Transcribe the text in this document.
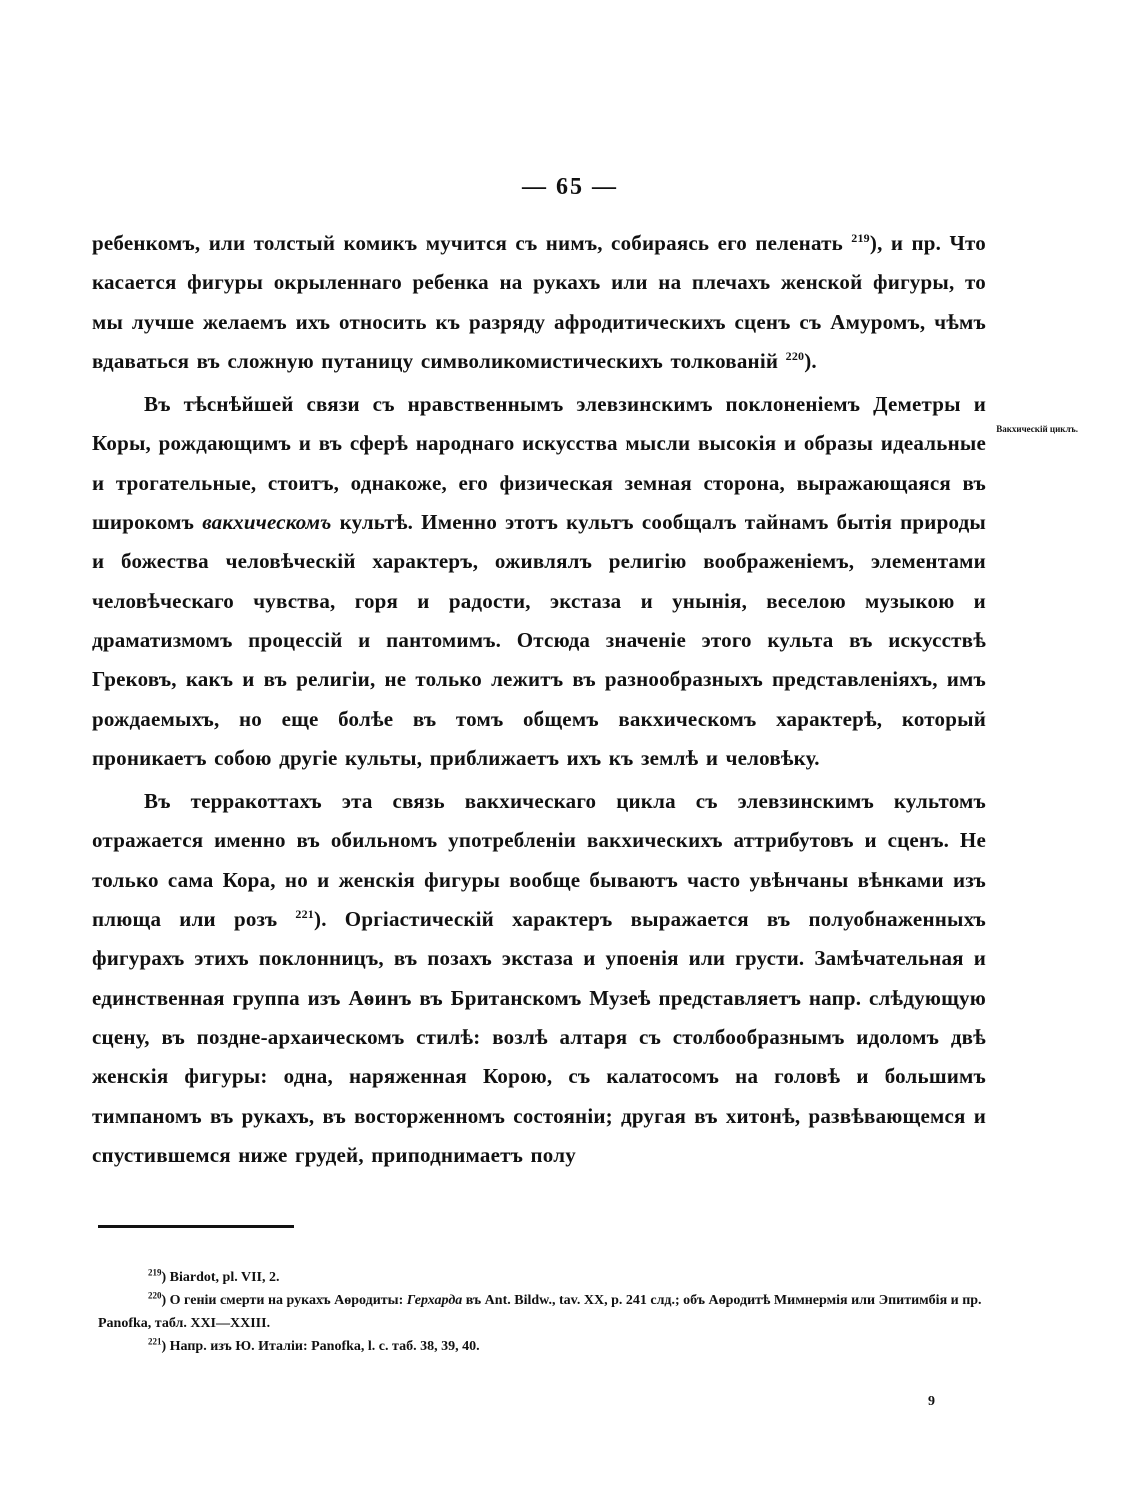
— 65 —

ребенкомъ, или толстый комикъ мучится съ нимъ, собираясь его пеленать $^{219}$), и пр. Что касается фигуры окрыленнаго ребенка на рукахъ или на плечахъ женской фигуры, то мы лучше желаемъ ихъ относить къ разряду афродитическихъ сценъ съ Амуромъ, чѣмъ вдаваться въ сложную путаницу символикомистическихъ толкованій $^{220}$).

Въ тѣснѣйшей связи съ нравственнымъ элевзинскимъ поклоненіемъ Деметры и Коры, рождающимъ и въ сферѣ народнаго искусства мысли высокія и образы идеальные и трогательные, стоитъ, однакоже, его физическая земная сторона, выражающаяся въ широкомъ вакхическомъ культѣ. Именно этотъ культъ сообщалъ тайнамъ бытія природы и божества человѣческій характеръ, оживлялъ религію воображеніемъ, элементами человѣческаго чувства, горя и радости, экстаза и унынія, веселою музыкою и драматизмомъ процессій и пантомимъ. Отсюда значеніе этого культа въ искусствѣ Грековъ, какъ и въ религіи, не только лежитъ въ разнообразныхъ представленіяхъ, имъ рождаемыхъ, но еще болѣе въ томъ общемъ вакхическомъ характерѣ, который проникаетъ собою другіе культы, приближаетъ ихъ къ землѣ и человѣку.

Въ терракоттахъ эта связь вакхическаго цикла съ элевзинскимъ культомъ отражается именно въ обильномъ употребленіи вакхическихъ аттрибутовъ и сценъ. Не только сама Кора, но и женскія фигуры вообще бываютъ часто увѣнчаны вѣнками изъ плюща или розъ $^{221}$). Оргіастическій характеръ выражается въ полуобнаженныхъ фигурахъ этихъ поклонницъ, въ позахъ экстаза и упоенія или грусти. Замѣчательная и единственная группа изъ Аѳинъ въ Британскомъ Музеѣ представляетъ напр. слѣдующую сцену, въ поздне-архаическомъ стилѣ: возлѣ алтаря съ столбообразнымъ идоломъ двѣ женскія фигуры: одна, наряженная Корою, съ калатосомъ на головѣ и большимъ тимпаномъ въ рукахъ, въ восторженномъ состояніи; другая въ хитонѣ, развѣвающемся и спустившемся ниже грудей, приподнимаетъ полу

Вакхическій циклъ.

$^{219}$) Biardot, pl. VII, 2.

$^{220}$) О геніи смерти на рукахъ Аѳродиты: Герхарда въ Ant. Bildw., tav. XX, p. 241 слд.; объ Аѳродитѣ Мимнермія или Эпитимбія и пр. Panofka, табл. XXI—XXIII.

$^{221}$) Напр. изъ Ю. Италіи: Panofka, l. c. таб. 38, 39, 40.

9
